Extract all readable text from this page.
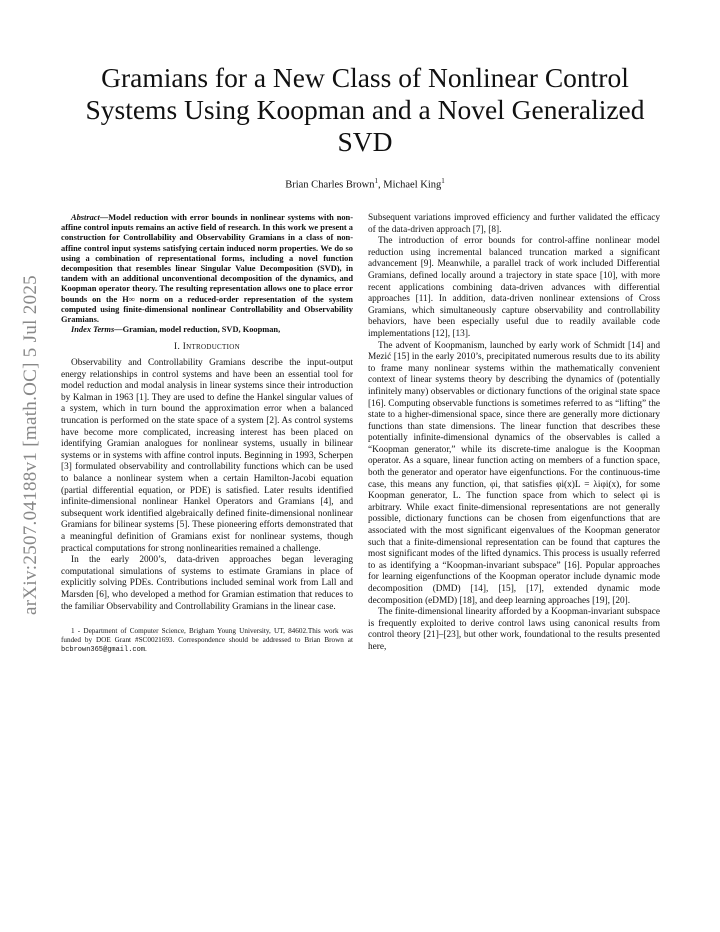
arXiv:2507.04188v1 [math.OC] 5 Jul 2025
Gramians for a New Class of Nonlinear Control Systems Using Koopman and a Novel Generalized SVD
Brian Charles Brown$^1$, Michael King$^1$

Abstract—Model reduction with error bounds in nonlinear systems with non-affine control inputs remains an active field of research. In this work we present a construction for Controllability and Observability Gramians in a class of non-affine control input systems satisfying certain induced norm properties. We do so using a combination of representational forms, including a novel function decomposition that resembles linear Singular Value Decomposition (SVD), in tandem with an additional unconventional decomposition of the dynamics, and Koopman operator theory. The resulting representation allows one to place error bounds on the H∞ norm on a reduced-order representation of the system computed using finite-dimensional nonlinear Controllability and Observability Gramians.

Index Terms—Gramian, model reduction, SVD, Koopman,

I. Introduction

Observability and Controllability Gramians describe the input-output energy relationships in control systems and have been an essential tool for model reduction and modal analysis in linear systems since their introduction by Kalman in 1963 [1]. They are used to define the Hankel singular values of a system, which in turn bound the approximation error when a balanced truncation is performed on the state space of a system [2]. As control systems have become more complicated, increasing interest has been placed on identifying Gramian analogues for nonlinear systems, usually in bilinear systems or in systems with affine control inputs. Beginning in 1993, Scherpen [3] formulated observability and controllability functions which can be used to balance a nonlinear system when a certain Hamilton-Jacobi equation (partial differential equation, or PDE) is satisfied. Later results identified infinite-dimensional nonlinear Hankel Operators and Gramians [4], and subsequent work identified algebraically defined finite-dimensional nonlinear Gramians for bilinear systems [5]. These pioneering efforts demonstrated that a meaningful definition of Gramians exist for nonlinear systems, though practical computations for strong nonlinearities remained a challenge.

In the early 2000’s, data-driven approaches began leveraging computational simulations of systems to estimate Gramians in place of explicitly solving PDEs. Contributions included seminal work from Lall and Marsden [6], who developed a method for Gramian estimation that reduces to the familiar Observability and Controllability Gramians in the linear case.

1 - Department of Computer Science, Brigham Young University, UT, 84602.This work was funded by DOE Grant #SC0021693. Correspondence should be addressed to Brian Brown at bcbrown365@gmail.com.

Subsequent variations improved efficiency and further validated the efficacy of the data-driven approach [7], [8].

The introduction of error bounds for control-affine nonlinear model reduction using incremental balanced truncation marked a significant advancement [9]. Meanwhile, a parallel track of work included Differential Gramians, defined locally around a trajectory in state space [10], with more recent applications combining data-driven advances with differential approaches [11]. In addition, data-driven nonlinear extensions of Cross Gramians, which simultaneously capture observability and controllability behaviors, have been especially useful due to readily available code implementations [12], [13].

The advent of Koopmanism, launched by early work of Schmidt [14] and Mezić [15] in the early 2010’s, precipitated numerous results due to its ability to frame many nonlinear systems within the mathematically convenient context of linear systems theory by describing the dynamics of (potentially infinitely many) observables or dictionary functions of the original state space [16]. Computing observable functions is sometimes referred to as “lifting” the state to a higher-dimensional space, since there are generally more dictionary functions than state dimensions. The linear function that describes these potentially infinite-dimensional dynamics of the observables is called a “Koopman generator,” while its discrete-time analogue is the Koopman operator. As a square, linear function acting on members of a function space, both the generator and operator have eigenfunctions. For the continuous-time case, this means any function, φi, that satisfies φi(x)L = λiφi(x), for some Koopman generator, L. The function space from which to select φi is arbitrary. While exact finite-dimensional representations are not generally possible, dictionary functions can be chosen from eigenfunctions that are associated with the most significant eigenvalues of the Koopman generator such that a finite-dimensional representation can be found that captures the most significant modes of the lifted dynamics. This process is usually referred to as identifying a “Koopman-invariant subspace” [16]. Popular approaches for learning eigenfunctions of the Koopman operator include dynamic mode decomposition (DMD) [14], [15], [17], extended dynamic mode decomposition (eDMD) [18], and deep learning approaches [19], [20].

The finite-dimensional linearity afforded by a Koopman-invariant subspace is frequently exploited to derive control laws using canonical results from control theory [21]–[23], but other work, foundational to the results presented here,
